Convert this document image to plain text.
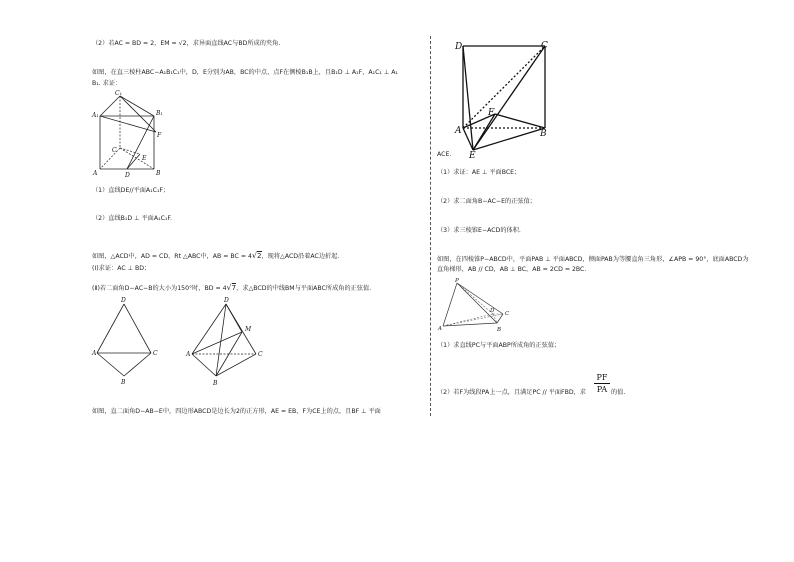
（2）若AC = BD = 2，EM = √2，求异面直线AC与BD所成的夹角.
如图，在直三棱柱ABC−A₁B₁C₁中，D，E分别为AB，BC的中点，点F在侧棱B₁B上，且B₁D ⊥ A₁F，A₁C₁ ⊥ A₁
B₁. 求证：
C₁
A₁	B₁
F
C
E
A	D	B
（1）直线DE//平面A₁C₁F；
（2）直线B₁D ⊥ 平面A₁C₁F.
如图，△ACD中，AD = CD，Rt △ABC中，AB = BC = 4√2，现将△ACD沿着AC边折起.
(Ⅰ)求证：AC ⊥ BD；
(Ⅱ)若二面角D−AC−B的大小为150°时，BD = 4√7，求△BCD的中线BM与平面ABC所成角的正弦值.
D
A	C
B
D
M
A	C
B
如图，直二面角D−AB−E中，四边形ABCD是边长为2的正方形，AE = EB，F为CE上的点，且BF ⊥ 平面
D	C
F
A	B
E
ACE.
（1）求证：AE ⊥ 平面BCE；
（2）求二面角B−AC−E的正弦值；
（3）求三棱锥E−ACD的体积.
如图，在四棱锥P−ABCD中，平面PAB ⊥ 平面ABCD，侧面PAB为等腰直角三角形，∠APB = 90°，底面ABCD为
直角梯形，AB // CD，AB ⊥ BC，AB = 2CD = 2BC.
P
D C
A	B
（1）求直线PC与平面ABP所成角的正弦值；
（2）若F为线段PA上一点，且满足PC // 平面FBD，求
PF
PA 的值.
